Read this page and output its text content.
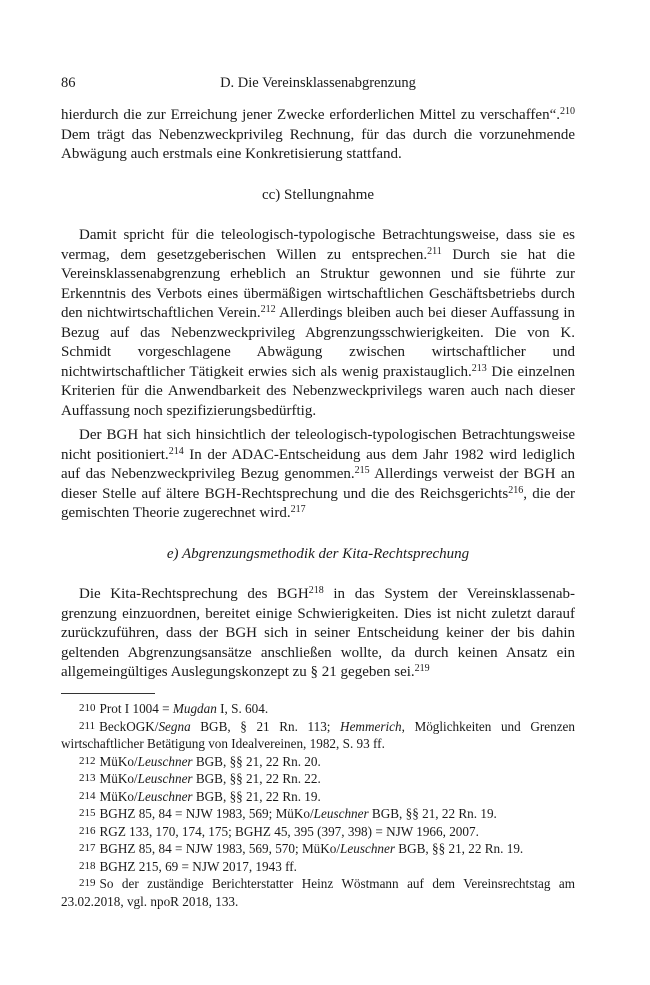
86	D. Die Vereinsklassenabgrenzung

hierdurch die zur Erreichung jener Zwecke erforderlichen Mittel zu verschaffen“.$^{210}$ Dem trägt das Nebenzweckprivileg Rechnung, für das durch die vorzunehmende Abwägung auch erstmals eine Konkretisierung stattfand.

cc) Stellungnahme

Damit spricht für die teleologisch-typologische Betrachtungsweise, dass sie es vermag, dem gesetzgeberischen Willen zu entsprechen.$^{211}$ Durch sie hat die Vereinsklassenabgrenzung erheblich an Struktur gewonnen und sie führte zur Erkenntnis des Verbots eines übermäßigen wirtschaftlichen Geschäftsbetriebs durch den nichtwirtschaftlichen Verein.$^{212}$ Allerdings bleiben auch bei dieser Auffassung in Bezug auf das Nebenzweckprivileg Abgrenzungsschwierigkeiten. Die von K. Schmidt vorgeschlagene Abwägung zwischen wirtschaftlicher und nichtwirtschaftlicher Tätigkeit erwies sich als wenig praxistauglich.$^{213}$ Die einzelnen Kriterien für die Anwendbarkeit des Nebenzweckprivilegs waren auch nach dieser Auffassung noch spezifizierungsbedürftig.

Der BGH hat sich hinsichtlich der teleologisch-typologischen Betrachtungsweise nicht positioniert.$^{214}$ In der ADAC-Entscheidung aus dem Jahr 1982 wird lediglich auf das Nebenzweckprivileg Bezug genommen.$^{215}$ Allerdings verweist der BGH an dieser Stelle auf ältere BGH-Rechtsprechung und die des Reichsgerichts$^{216}$, die der gemischten Theorie zugerechnet wird.$^{217}$

e) Abgrenzungsmethodik der Kita-Rechtsprechung

Die Kita-Rechtsprechung des BGH$^{218}$ in das System der Vereinsklassenabgrenzung einzuordnen, bereitet einige Schwierigkeiten. Dies ist nicht zuletzt darauf zurückzuführen, dass der BGH sich in seiner Entscheidung keiner der bis dahin geltenden Abgrenzungsansätze anschließen wollte, da durch keinen Ansatz ein allgemeingültiges Auslegungskonzept zu § 21 gegeben sei.$^{219}$

210 Prot I 1004 = Mugdan I, S. 604.

211 BeckOGK/Segna BGB, § 21 Rn. 113; Hemmerich, Möglichkeiten und Grenzen wirtschaftlicher Betätigung von Idealvereinen, 1982, S. 93 ff.

212 MüKo/Leuschner BGB, §§ 21, 22 Rn. 20.

213 MüKo/Leuschner BGB, §§ 21, 22 Rn. 22.

214 MüKo/Leuschner BGB, §§ 21, 22 Rn. 19.

215 BGHZ 85, 84 = NJW 1983, 569; MüKo/Leuschner BGB, §§ 21, 22 Rn. 19.

216 RGZ 133, 170, 174, 175; BGHZ 45, 395 (397, 398) = NJW 1966, 2007.

217 BGHZ 85, 84 = NJW 1983, 569, 570; MüKo/Leuschner BGB, §§ 21, 22 Rn. 19.

218 BGHZ 215, 69 = NJW 2017, 1943 ff.

219 So der zuständige Berichterstatter Heinz Wöstmann auf dem Vereinsrechtstag am 23.02.2018, vgl. npoR 2018, 133.
